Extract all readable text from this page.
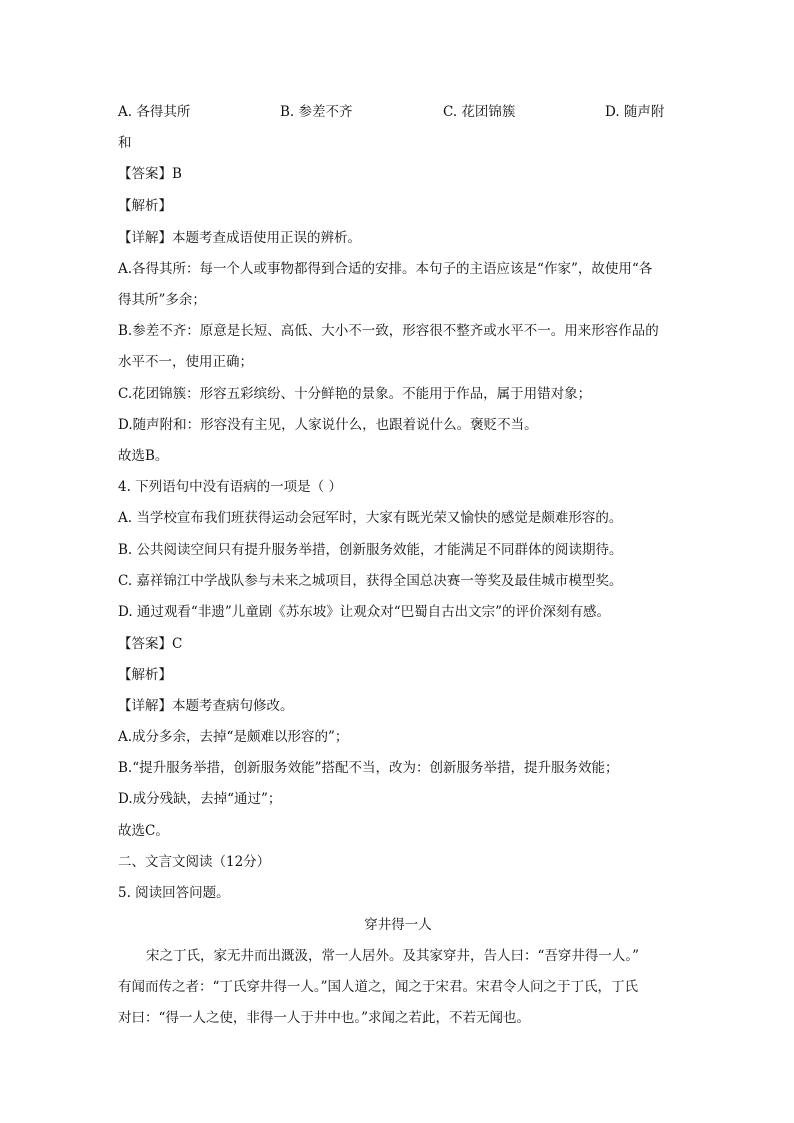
A. 各得其所	B. 参差不齐	C. 花团锦簇	D. 随声附
和
【答案】B
【解析】
【详解】本题考查成语使用正误的辨析。
A.各得其所：每一个人或事物都得到合适的安排。本句子的主语应该是“作家”，故使用“各
得其所”多余；
B.参差不齐：原意是长短、高低、大小不一致，形容很不整齐或水平不一。用来形容作品的
水平不一，使用正确；
C.花团锦簇：形容五彩缤纷、十分鲜艳的景象。不能用于作品，属于用错对象；
D.随声附和：形容没有主见，人家说什么，也跟着说什么。褒贬不当。
故选B。
4. 下列语句中没有语病的一项是（ ）
A. 当学校宣布我们班获得运动会冠军时，大家有既光荣又愉快的感觉是颇难形容的。
B. 公共阅读空间只有提升服务举措，创新服务效能，才能满足不同群体的阅读期待。
C. 嘉祥锦江中学战队参与未来之城项目，获得全国总决赛一等奖及最佳城市模型奖。
D. 通过观看“非遗”儿童剧《苏东坡》让观众对“巴蜀自古出文宗”的评价深刻有感。
【答案】C
【解析】
【详解】本题考查病句修改。
A.成分多余，去掉“是颇难以形容的”；
B.“提升服务举措，创新服务效能”搭配不当，改为：创新服务举措，提升服务效能；
D.成分残缺，去掉“通过”；
故选C。
二、文言文阅读（12分）
5. 阅读回答问题。
穿井得一人
宋之丁氏，家无井而出溉汲，常一人居外。及其家穿井，告人曰：“吾穿井得一人。”
有闻而传之者：“丁氏穿井得一人。”国人道之，闻之于宋君。宋君令人问之于丁氏，丁氏
对曰：“得一人之使，非得一人于井中也。”求闻之若此，不若无闻也。
